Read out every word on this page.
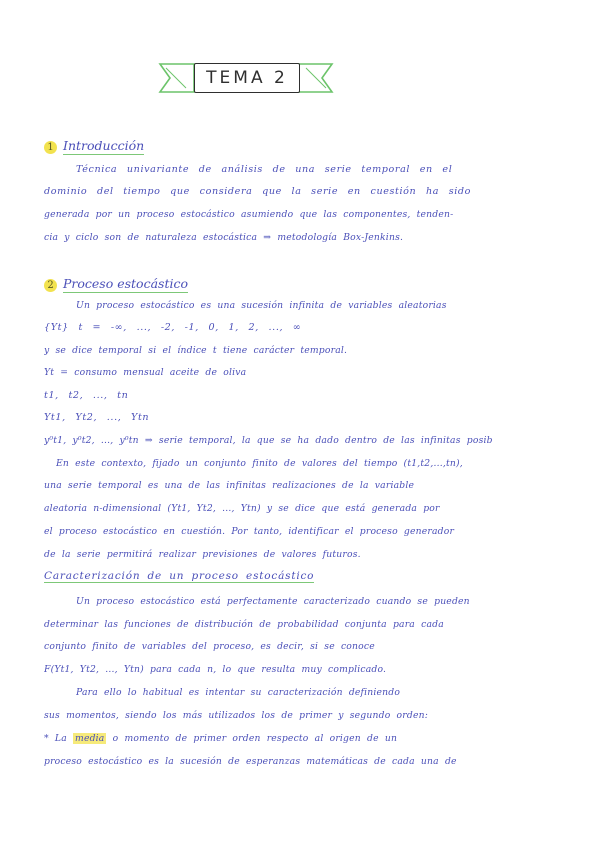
TEMA 2
1 Introducción
Técnica univariante de análisis de una serie temporal en el
dominio del tiempo que considera que la serie en cuestión ha sido
generada por un proceso estocástico asumiendo que las componentes, tenden-
cia y ciclo son de naturaleza estocástica ⇒ metodología Box-Jenkins.
2 Proceso estocástico
Un proceso estocástico es una sucesión infinita de variables aleatorias
{Yt} t = -∞, ..., -2, -1, 0, 1, 2, ..., ∞
y se dice temporal si el índice t tiene carácter temporal.
Yt = consumo mensual aceite de oliva
t1, t2, ..., tn
Yt1, Yt2, ..., Ytn
y⁰t1, y⁰t2, ..., y⁰tn ⇒ serie temporal, la que se ha dado dentro de las infinitas posib
En este contexto, fijado un conjunto finito de valores del tiempo (t1,t2,...,tn),
una serie temporal es una de las infinitas realizaciones de la variable
aleatoria n-dimensional (Yt1, Yt2, ..., Ytn) y se dice que está generada por
el proceso estocástico en cuestión. Por tanto, identificar el proceso generador
de la serie permitirá realizar previsiones de valores futuros.
Caracterización de un proceso estocástico
Un proceso estocástico está perfectamente caracterizado cuando se pueden
determinar las funciones de distribución de probabilidad conjunta para cada
conjunto finito de variables del proceso, es decir, si se conoce
F(Yt1, Yt2, ..., Ytn) para cada n, lo que resulta muy complicado.
Para ello lo habitual es intentar su caracterización definiendo
sus momentos, siendo los más utilizados los de primer y segundo orden:
* La media o momento de primer orden respecto al origen de un
proceso estocástico es la sucesión de esperanzas matemáticas de cada una de
